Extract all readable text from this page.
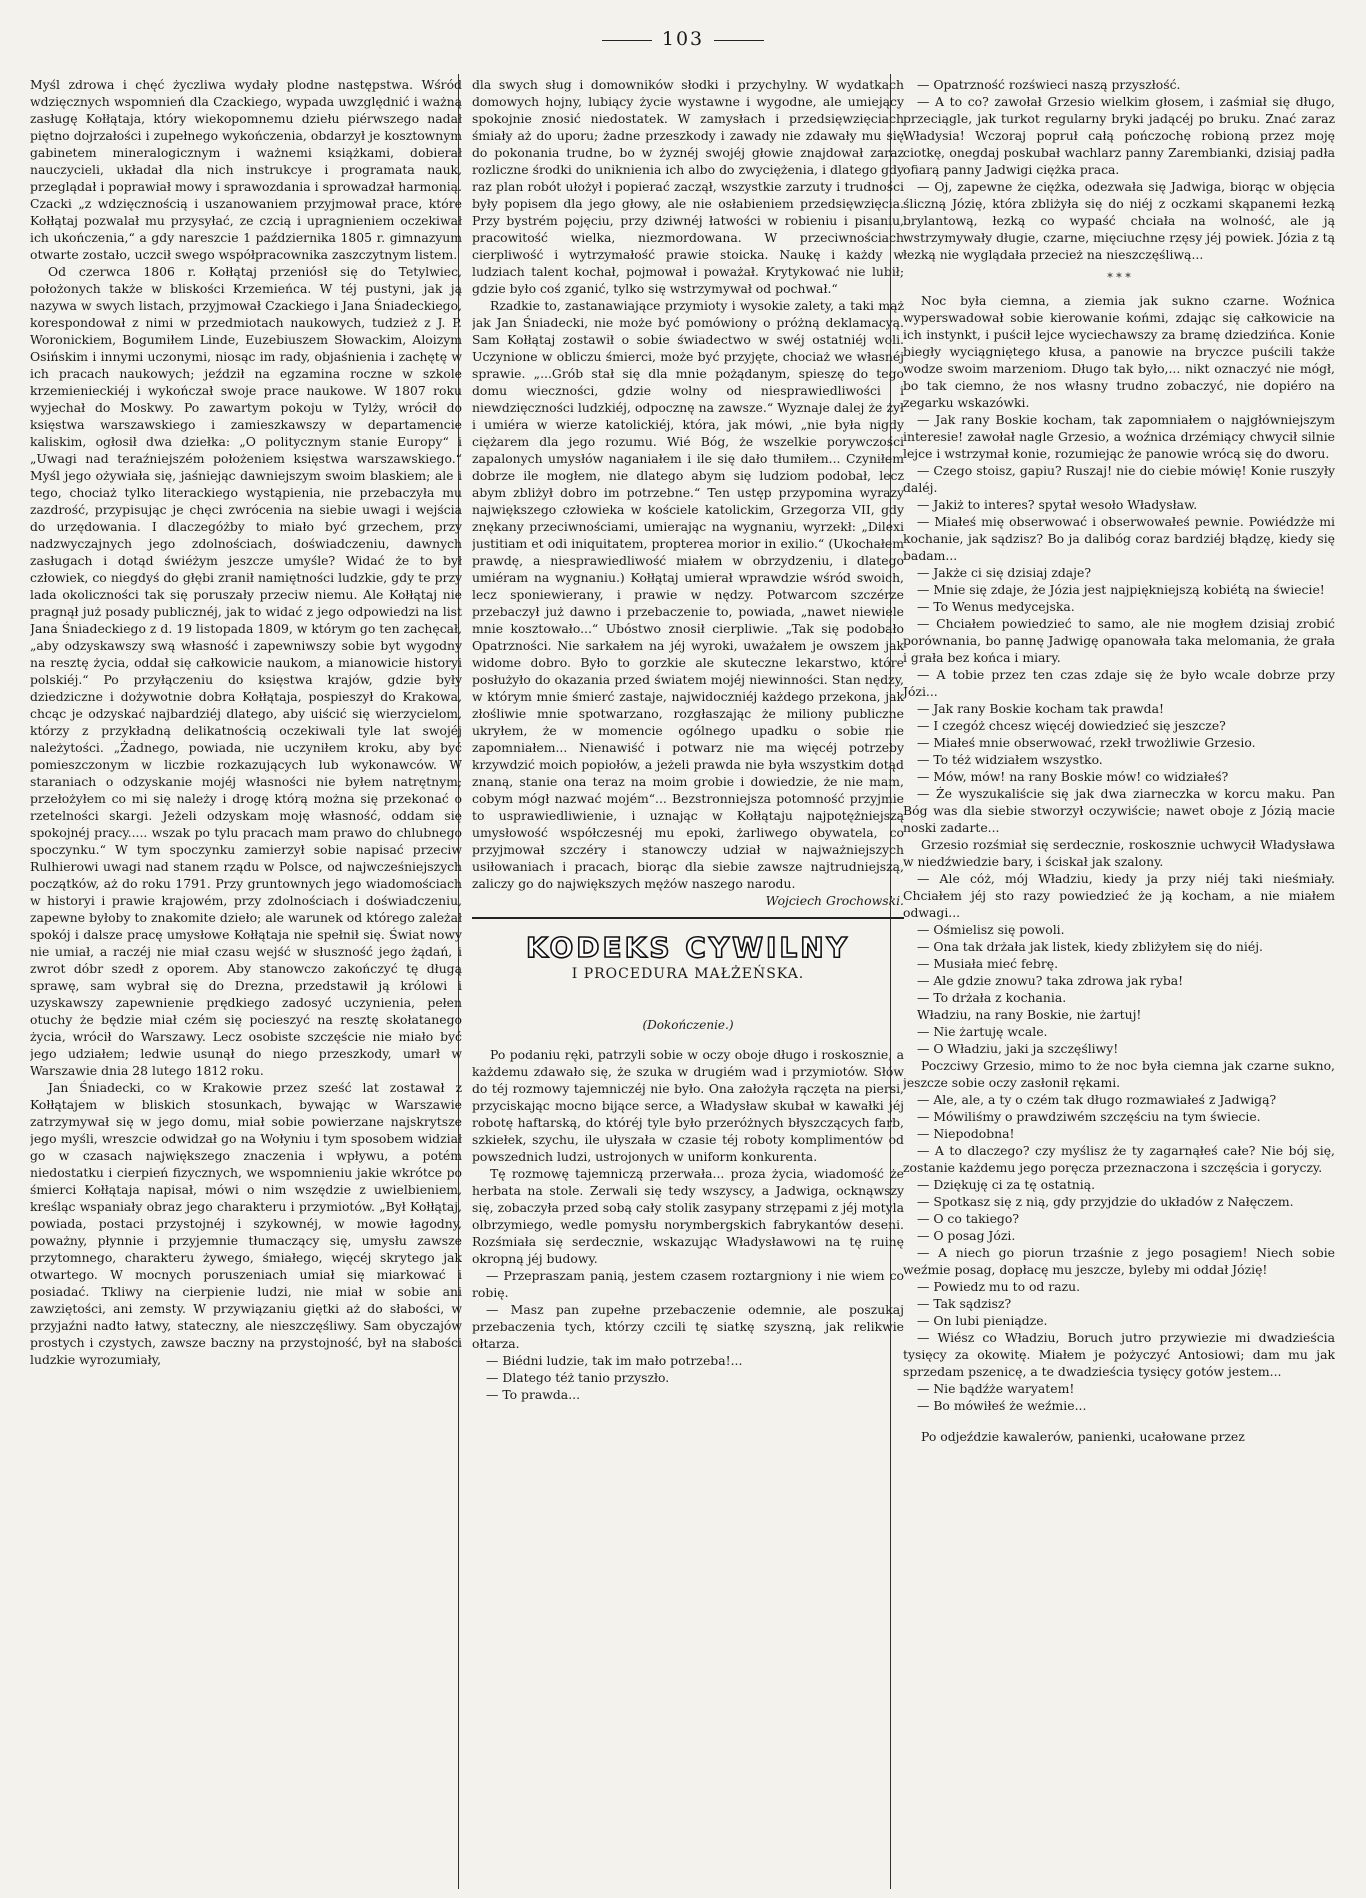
103

Myśl zdrowa i chęć życzliwa wydały plodne następstwa. Wśród wdzięcznych wspomnień dla Czackiego, wypada uwzględnić i ważną zasługę Kołłątaja, który wiekopomnemu dziełu piérwszego nadał piętno dojrzałości i zupełnego wykończenia, obdarzył je kosztownym gabinetem mineralogicznym i ważnemi książkami, dobierał nauczycieli, układał dla nich instrukcye i programata nauk, przeglądał i poprawiał mowy i sprawozdania i sprowadzał harmonią. Czacki „z wdzięcznością i uszanowaniem przyjmował prace, które Kołłątaj pozwalał mu przysyłać, ze czcią i upragnieniem oczekiwał ich ukończenia,“ a gdy nareszcie 1 października 1805 r. gimnazyum otwarte zostało, uczcił swego współpracownika zaszczytnym listem.

Od czerwca 1806 r. Kołłątaj przeniósł się do Tetylwiec, położonych także w bliskości Krzemieńca. W téj pustyni, jak ją nazywa w swych listach, przyjmował Czackiego i Jana Śniadeckiego, korespondował z nimi w przedmiotach naukowych, tudzież z J. P. Woronickiem, Bogumiłem Linde, Euzebiuszem Słowackim, Aloizym Osińskim i innymi uczonymi, niosąc im rady, objaśnienia i zachętę w ich pracach naukowych; jeździł na egzamina roczne w szkole krzemienieckiéj i wykończał swoje prace naukowe. W 1807 roku wyjechał do Moskwy. Po zawartym pokoju w Tylży, wrócił do księstwa warszawskiego i zamieszkawszy w departamencie kaliskim, ogłosił dwa dziełka: „O politycznym stanie Europy“ i „Uwagi nad teraźniejszém położeniem księstwa warszawskiego.“ Myśl jego ożywiała się, jaśniejąc dawniejszym swoim blaskiem; ale i tego, chociaż tylko literackiego wystąpienia, nie przebaczyła mu zazdrość, przypisując je chęci zwrócenia na siebie uwagi i wejścia do urzędowania. I dlaczegóżby to miało być grzechem, przy nadzwyczajnych jego zdolnościach, doświadczeniu, dawnych zasługach i dotąd świéżym jeszcze umyśle? Widać że to był człowiek, co niegdyś do głębi zranił namiętności ludzkie, gdy te przy lada okoliczności tak się poruszały przeciw niemu. Ale Kołłątaj nie pragnął już posady publicznéj, jak to widać z jego odpowiedzi na list Jana Śniadeckiego z d. 19 listopada 1809, w którym go ten zachęcał, „aby odzyskawszy swą własność i zapewniwszy sobie byt wygodny na resztę życia, oddał się całkowicie naukom, a mianowicie historyi polskiéj.“ Po przyłączeniu do księstwa krajów, gdzie były dziedziczne i dożywotnie dobra Kołłątaja, pospieszył do Krakowa, chcąc je odzyskać najbardziéj dlatego, aby uiścić się wierzycielom, którzy z przykładną delikatnością oczekiwali tyle lat swojéj należytości. „Żadnego, powiada, nie uczyniłem kroku, aby być pomieszczonym w liczbie rozkazujących lub wykonawców. W staraniach o odzyskanie mojéj własności nie byłem natrętnym; przełożyłem co mi się należy i drogę którą można się przekonać o rzetelności skargi. Jeżeli odzyskam moję własność, oddam się spokojnéj pracy..... wszak po tylu pracach mam prawo do chlubnego spoczynku.“ W tym spoczynku zamierzył sobie napisać przeciw Rulhierowi uwagi nad stanem rządu w Polsce, od najwcześniejszych początków, aż do roku 1791. Przy gruntownych jego wiadomościach w historyi i prawie krajowém, przy zdolnościach i doświadczeniu, zapewne byłoby to znakomite dzieło; ale warunek od którego zależał spokój i dalsze pracę umysłowe Kołłątaja nie spełnił się. Świat nowy nie umiał, a raczéj nie miał czasu wejść w słuszność jego żądań, i zwrot dóbr szedł z oporem. Aby stanowczo zakończyć tę długą sprawę, sam wybrał się do Drezna, przedstawił ją królowi i uzyskawszy zapewnienie prędkiego zadosyć uczynienia, pełen otuchy że będzie miał czém się pocieszyć na resztę skołatanego życia, wrócił do Warszawy. Lecz osobiste szczęście nie miało być jego udziałem; ledwie usunął do niego przeszkody, umarł w Warszawie dnia 28 lutego 1812 roku.

Jan Śniadecki, co w Krakowie przez sześć lat zostawał z Kołłątajem w bliskich stosunkach, bywając w Warszawie zatrzymywał się w jego domu, miał sobie powierzane najskrytsze jego myśli, wreszcie odwidzał go na Wołyniu i tym sposobem widział go w czasach największego znaczenia i wpływu, a potém niedostatku i cierpień fizycznych, we wspomnieniu jakie wkrótce po śmierci Kołłątaja napisał, mówi o nim wszędzie z uwielbieniem, kreśląc wspaniały obraz jego charakteru i przymiotów. „Był Kołłątaj, powiada, postaci przystojnéj i szykownéj, w mowie łagodny, poważny, płynnie i przyjemnie tłumaczący się, umysłu zawsze przytomnego, charakteru żywego, śmiałego, więcéj skrytego jak otwartego. W mocnych poruszeniach umiał się miarkować i posiadać. Tkliwy na cierpienie ludzi, nie miał w sobie ani zawziętości, ani zemsty. W przywiązaniu giętki aż do słabości, w przyjaźni nadto łatwy, stateczny, ale nieszczęśliwy. Sam obyczajów prostych i czystych, zawsze baczny na przystojność, był na słabości ludzkie wyrozumiały,

dla swych sług i domowników słodki i przychylny. W wydatkach domowych hojny, lubiący życie wystawne i wygodne, ale umiejący spokojnie znosić niedostatek. W zamysłach i przedsięwzięciach śmiały aż do uporu; żadne przeszkody i zawady nie zdawały mu się do pokonania trudne, bo w żyznéj swojéj głowie znajdował zaraz rozliczne środki do uniknienia ich albo do zwyciężenia, i dlatego gdy raz plan robót ułożył i popierać zaczął, wszystkie zarzuty i trudności były popisem dla jego głowy, ale nie osłabieniem przedsięwzięcia. Przy bystrém pojęciu, przy dziwnéj łatwości w robieniu i pisaniu, pracowitość wielka, niezmordowana. W przeciwnościach cierpliwość i wytrzymałość prawie stoicka. Naukę i każdy w ludziach talent kochał, pojmował i poważał. Krytykować nie lubił; gdzie było coś zganić, tylko się wstrzymywał od pochwał.“

Rzadkie to, zastanawiające przymioty i wysokie zalety, a taki mąż jak Jan Śniadecki, nie może być pomówiony o próżną deklamacyą. Sam Kołłątaj zostawił o sobie świadectwo w swéj ostatniéj woli. Uczynione w obliczu śmierci, może być przyjęte, chociaż we własnéj sprawie. „...Grób stał się dla mnie pożądanym, spieszę do tego domu wieczności, gdzie wolny od niesprawiedliwości i niewdzięczności ludzkiéj, odpocznę na zawsze.“ Wyznaje dalej że żył i umiéra w wierze katolickiéj, która, jak mówi, „nie była nigdy ciężarem dla jego rozumu. Wié Bóg, że wszelkie porywczości zapalonych umysłów naganiałem i ile się dało tłumiłem... Czyniłem dobrze ile mogłem, nie dlatego abym się ludziom podobał, lecz abym zbliżył dobro im potrzebne.“ Ten ustęp przypomina wyrazy największego człowieka w kościele katolickim, Grzegorza VII, gdy znękany przeciwnościami, umierając na wygnaniu, wyrzekł: „Dilexi justitiam et odi iniquitatem, propterea morior in exilio.“ (Ukochałem prawdę, a niesprawiedliwość miałem w obrzydzeniu, i dlatego umiéram na wygnaniu.) Kołłątaj umierał wprawdzie wśród swoich, lecz sponiewierany, i prawie w nędzy. Potwarcom szczérze przebaczył już dawno i przebaczenie to, powiada, „nawet niewiele mnie kosztowało...“ Ubóstwo znosił cierpliwie. „Tak się podobało Opatrzności. Nie sarkałem na jéj wyroki, uważałem je owszem jak widome dobro. Było to gorzkie ale skuteczne lekarstwo, które posłużyło do okazania przed światem mojéj niewinności. Stan nędzy, w którym mnie śmierć zastaje, najwidoczniéj każdego przekona, jak złośliwie mnie spotwarzano, rozgłaszając że miliony publiczne ukryłem, że w momencie ogólnego upadku o sobie nie zapomniałem... Nienawiść i potwarz nie ma więcéj potrzeby krzywdzić moich popiołów, a jeżeli prawda nie była wszystkim dotąd znaną, stanie ona teraz na moim grobie i dowiedzie, że nie mam, cobym mógł nazwać mojém“... Bezstronniejsza potomność przyjmie to usprawiedliwienie, i uznając w Kołłątaju najpotężniejszą umysłowość współczesnéj mu epoki, żarliwego obywatela, co przyjmował szczéry i stanowczy udział w najważniejszych usiłowaniach i pracach, biorąc dla siebie zawsze najtrudniejszą, zaliczy go do największych mężów naszego narodu.

Wojciech Grochowski.

KODEKS CYWILNY
I PROCEDURA MAŁŻEŃSKA.
(Dokończenie.)

Po podaniu ręki, patrzyli sobie w oczy oboje długo i roskosznie, a każdemu zdawało się, że szuka w drugiém wad i przymiotów. Słów do téj rozmowy tajemniczéj nie było. Ona założyła rączęta na piersi, przyciskając mocno bijące serce, a Władysław skubał w kawałki jéj robotę haftarską, do któréj tyle było przeróżnych błyszczących farb, szkiełek, szychu, ile ułyszała w czasie téj roboty komplimentów od powszednich ludzi, ustrojonych w uniform konkurenta.

Tę rozmowę tajemniczą przerwała... proza życia, wiadomość że herbata na stole. Zerwali się tedy wszyscy, a Jadwiga, ocknąwszy się, zobaczyła przed sobą cały stolik zasypany strzępami z jéj motyla olbrzymiego, wedle pomysłu norymbergskich fabrykantów deseni. Rozśmiała się serdecznie, wskazując Władysławowi na tę ruinę okropną jéj budowy.

— Przepraszam panią, jestem czasem roztargniony i nie wiem co robię.

— Masz pan zupełne przebaczenie odemnie, ale poszukaj przebaczenia tych, którzy czcili tę siatkę szyszną, jak relikwie ołtarza.

— Biédni ludzie, tak im mało potrzeba!...

— Dlatego téż tanio przyszło.

— To prawda...

— Opatrzność rozświeci naszą przyszłość.

— A to co? zawołał Grzesio wielkim głosem, i zaśmiał się długo, przeciągle, jak turkot regularny bryki jadącéj po bruku. Znać zaraz Władysia! Wczoraj popruł całą pończochę robioną przez moję ciotkę, onegdaj poskubał wachlarz panny Zarembianki, dzisiaj padła ofiarą panny Jadwigi ciężka praca.

— Oj, zapewne że ciężka, odezwała się Jadwiga, biorąc w objęcia śliczną Józię, która zbliżyła się do niéj z oczkami skąpanemi łezką brylantową, łezką co wypaść chciała na wolność, ale ją wstrzymywały długie, czarne, mięciuchne rzęsy jéj powiek. Józia z tą łezką nie wyglądała przecież na nieszczęśliwą...

* * *

Noc była ciemna, a ziemia jak sukno czarne. Woźnica wyperswadował sobie kierowanie końmi, zdając się całkowicie na ich instynkt, i puścił lejce wyciechawszy za bramę dziedzińca. Konie biegły wyciągniętego kłusa, a panowie na bryczce puścili także wodze swoim marzeniom. Długo tak było,... nikt oznaczyć nie mógł, bo tak ciemno, że nos własny trudno zobaczyć, nie dopiéro na zegarku wskazówki.

— Jak rany Boskie kocham, tak zapomniałem o najgłówniejszym interesie! zawołał nagle Grzesio, a woźnica drzémiący chwycił silnie lejce i wstrzymał konie, rozumiejąc że panowie wrócą się do dworu.

— Czego stoisz, gapiu? Ruszaj! nie do ciebie mówię! Konie ruszyły daléj.

— Jakiż to interes? spytał wesoło Władysław.

— Miałeś mię obserwować i obserwowałeś pewnie. Powiédzże mi kochanie, jak sądzisz? Bo ja dalibóg coraz bardziéj błądzę, kiedy się badam...

— Jakże ci się dzisiaj zdaje?

— Mnie się zdaje, że Józia jest najpiękniejszą kobiétą na świecie!

— To Wenus medycejska.

— Chciałem powiedzieć to samo, ale nie mogłem dzisiaj zrobić porównania, bo pannę Jadwigę opanowała taka melomania, że grała i grała bez końca i miary.

— A tobie przez ten czas zdaje się że było wcale dobrze przy Józi...

— Jak rany Boskie kocham tak prawda!

— I czegóż chcesz więcéj dowiedzieć się jeszcze?

— Miałeś mnie obserwować, rzekł trwożliwie Grzesio.

— To téż widziałem wszystko.

— Mów, mów! na rany Boskie mów! co widziałeś?

— Że wyszukaliście się jak dwa ziarneczka w korcu maku. Pan Bóg was dla siebie stworzył oczywiście; nawet oboje z Józią macie noski zadarte...

Grzesio rozśmiał się serdecznie, roskosznie uchwycił Władysława w niedźwiedzie bary, i ściskał jak szalony.

— Ale cóż, mój Władziu, kiedy ja przy niéj taki nieśmiały. Chciałem jéj sto razy powiedzieć że ją kocham, a nie miałem odwagi...

— Ośmielisz się powoli.

— Ona tak drżała jak listek, kiedy zbliżyłem się do niéj.

— Musiała mieć febrę.

— Ale gdzie znowu? taka zdrowa jak ryba!

— To drżała z kochania.

Władziu, na rany Boskie, nie żartuj!

— Nie żartuję wcale.

— O Władziu, jaki ja szczęśliwy!

Poczciwy Grzesio, mimo to że noc była ciemna jak czarne sukno, jeszcze sobie oczy zasłonił rękami.

— Ale, ale, a ty o czém tak długo rozmawiałeś z Jadwigą?

— Mówiliśmy o prawdziwém szczęściu na tym świecie.

— Niepodobna!

— A to dlaczego? czy myślisz że ty zagarnąłeś całe? Nie bój się, zostanie każdemu jego poręcza przeznaczona i szczęścia i goryczy.

— Dziękuję ci za tę ostatnią.

— Spotkasz się z nią, gdy przyjdzie do układów z Nałęczem.

— O co takiego?

— O posag Józi.

— A niech go piorun trzaśnie z jego posagiem! Niech sobie weźmie posag, dopłacę mu jeszcze, byleby mi oddał Józię!

— Powiedz mu to od razu.

— Tak sądzisz?

— On lubi pieniądze.

— Wiész co Władziu, Boruch jutro przywiezie mi dwadzieścia tysięcy za okowitę. Miałem je pożyczyć Antosiowi; dam mu jak sprzedam pszenicę, a te dwadzieścia tysięcy gotów jestem...

— Nie bądźże waryatem!

— Bo mówiłeś że weźmie...

Po odjeździe kawalerów, panienki, ucałowane przez
